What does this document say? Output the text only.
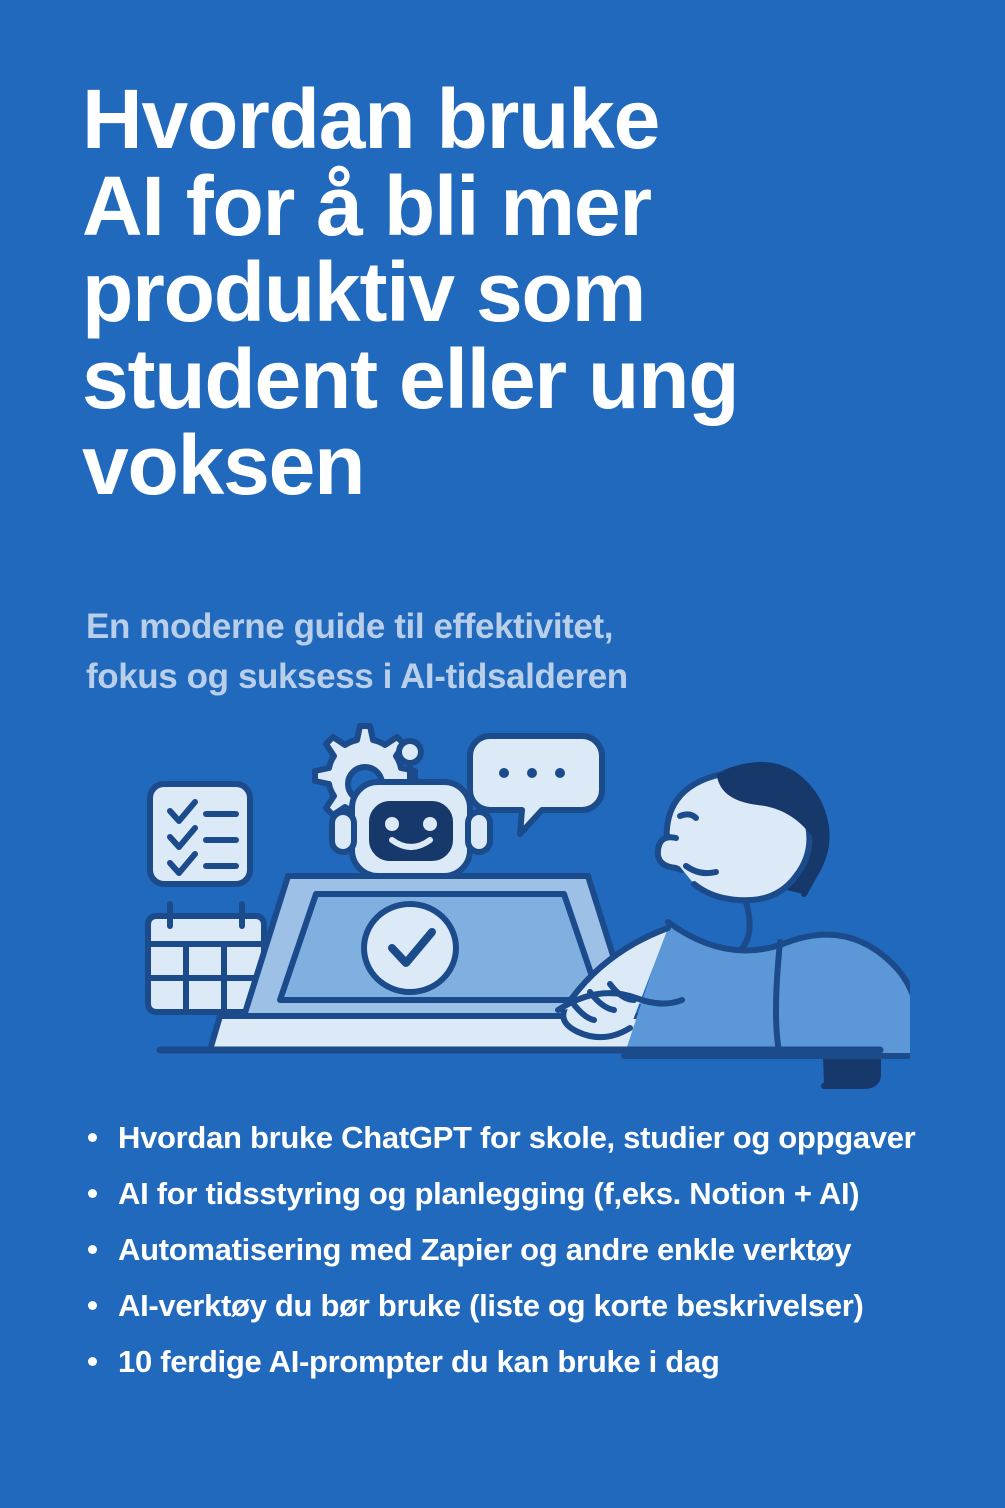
Hvordan bruke
AI for å bli mer
produktiv som
student eller ung
voksen
En moderne guide til effektivitet,
fokus og suksess i AI-tidsalderen
Hvordan bruke ChatGPT for skole, studier og oppgaver
AI for tidsstyring og planlegging (f,eks. Notion + AI)
Automatisering med Zapier og andre enkle verktøy
AI-verktøy du bør bruke (liste og korte beskrivelser)
10 ferdige AI-prompter du kan bruke i dag
